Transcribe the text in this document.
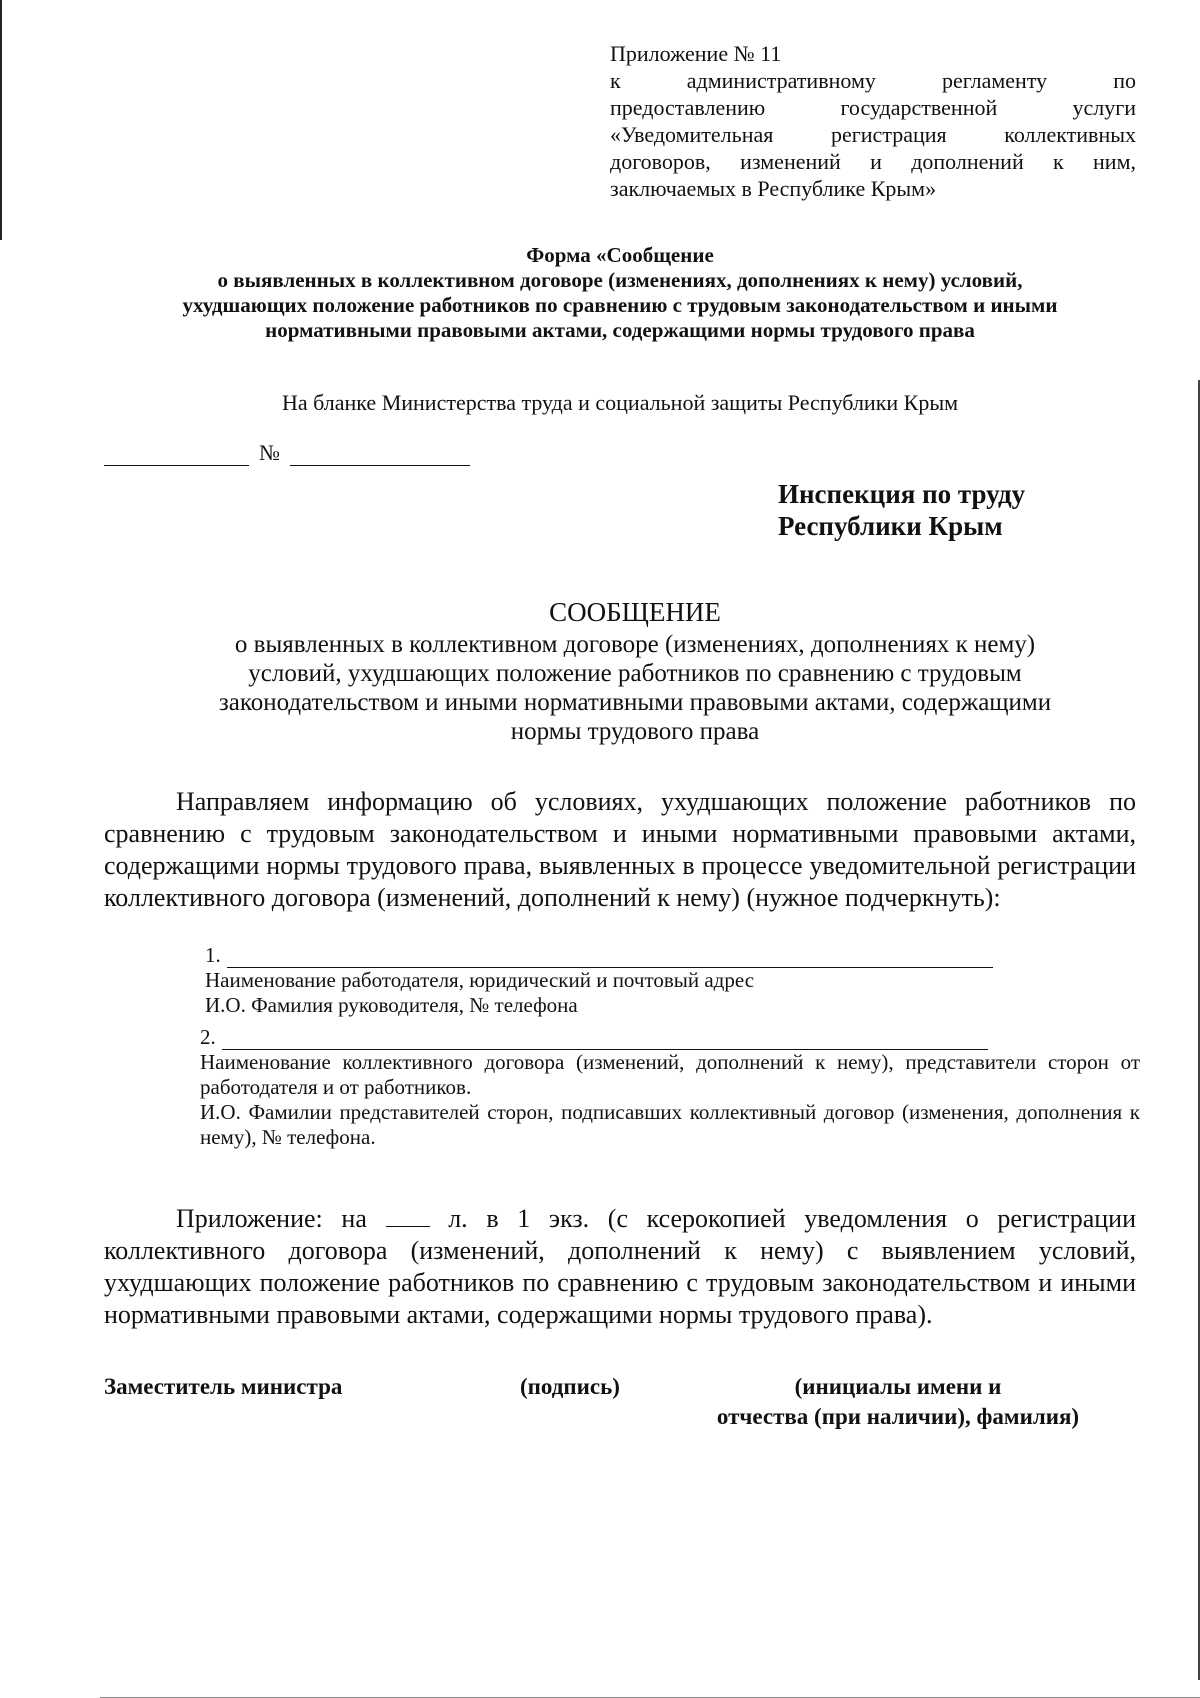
Приложение № 11
к административному регламенту по
предоставлению государственной услуги
«Уведомительная регистрация коллективных
договоров, изменений и дополнений к ним,
заключаемых в Республике Крым»
Форма «Сообщение
о выявленных в коллективном договоре (изменениях, дополнениях к нему) условий,
ухудшающих положение работников по сравнению с трудовым законодательством и иными
нормативными правовыми актами, содержащими нормы трудового права
На бланке Министерства труда и социальной защиты Республики Крым
№
Инспекция по труду
Республики Крым
СООБЩЕНИЕ
о выявленных в коллективном договоре (изменениях, дополнениях к нему)
условий, ухудшающих положение работников по сравнению с трудовым
законодательством и иными нормативными правовыми актами, содержащими
нормы трудового права
Направляем информацию об условиях, ухудшающих положение работников по сравнению с трудовым законодательством и иными нормативными правовыми актами, содержащими нормы трудового права, выявленных в процессе уведомительной регистрации коллективного договора (изменений, дополнений к нему) (нужное подчеркнуть):
1.
Наименование работодателя, юридический и почтовый адрес
И.О. Фамилия руководителя, № телефона
2.
Наименование коллективного договора (изменений, дополнений к нему), представители сторон от работодателя и от работников.
И.О. Фамилии представителей сторон, подписавших коллективный договор (изменения, дополнения к нему), № телефона.
Приложение: на	л. в 1 экз. (с ксерокопией уведомления о регистрации коллективного договора (изменений, дополнений к нему) с выявлением условий, ухудшающих положение работников по сравнению с трудовым законодательством и иными нормативными правовыми актами, содержащими нормы трудового права).
Заместитель министра	(подпись)	(инициалы имени и
отчества (при наличии), фамилия)
